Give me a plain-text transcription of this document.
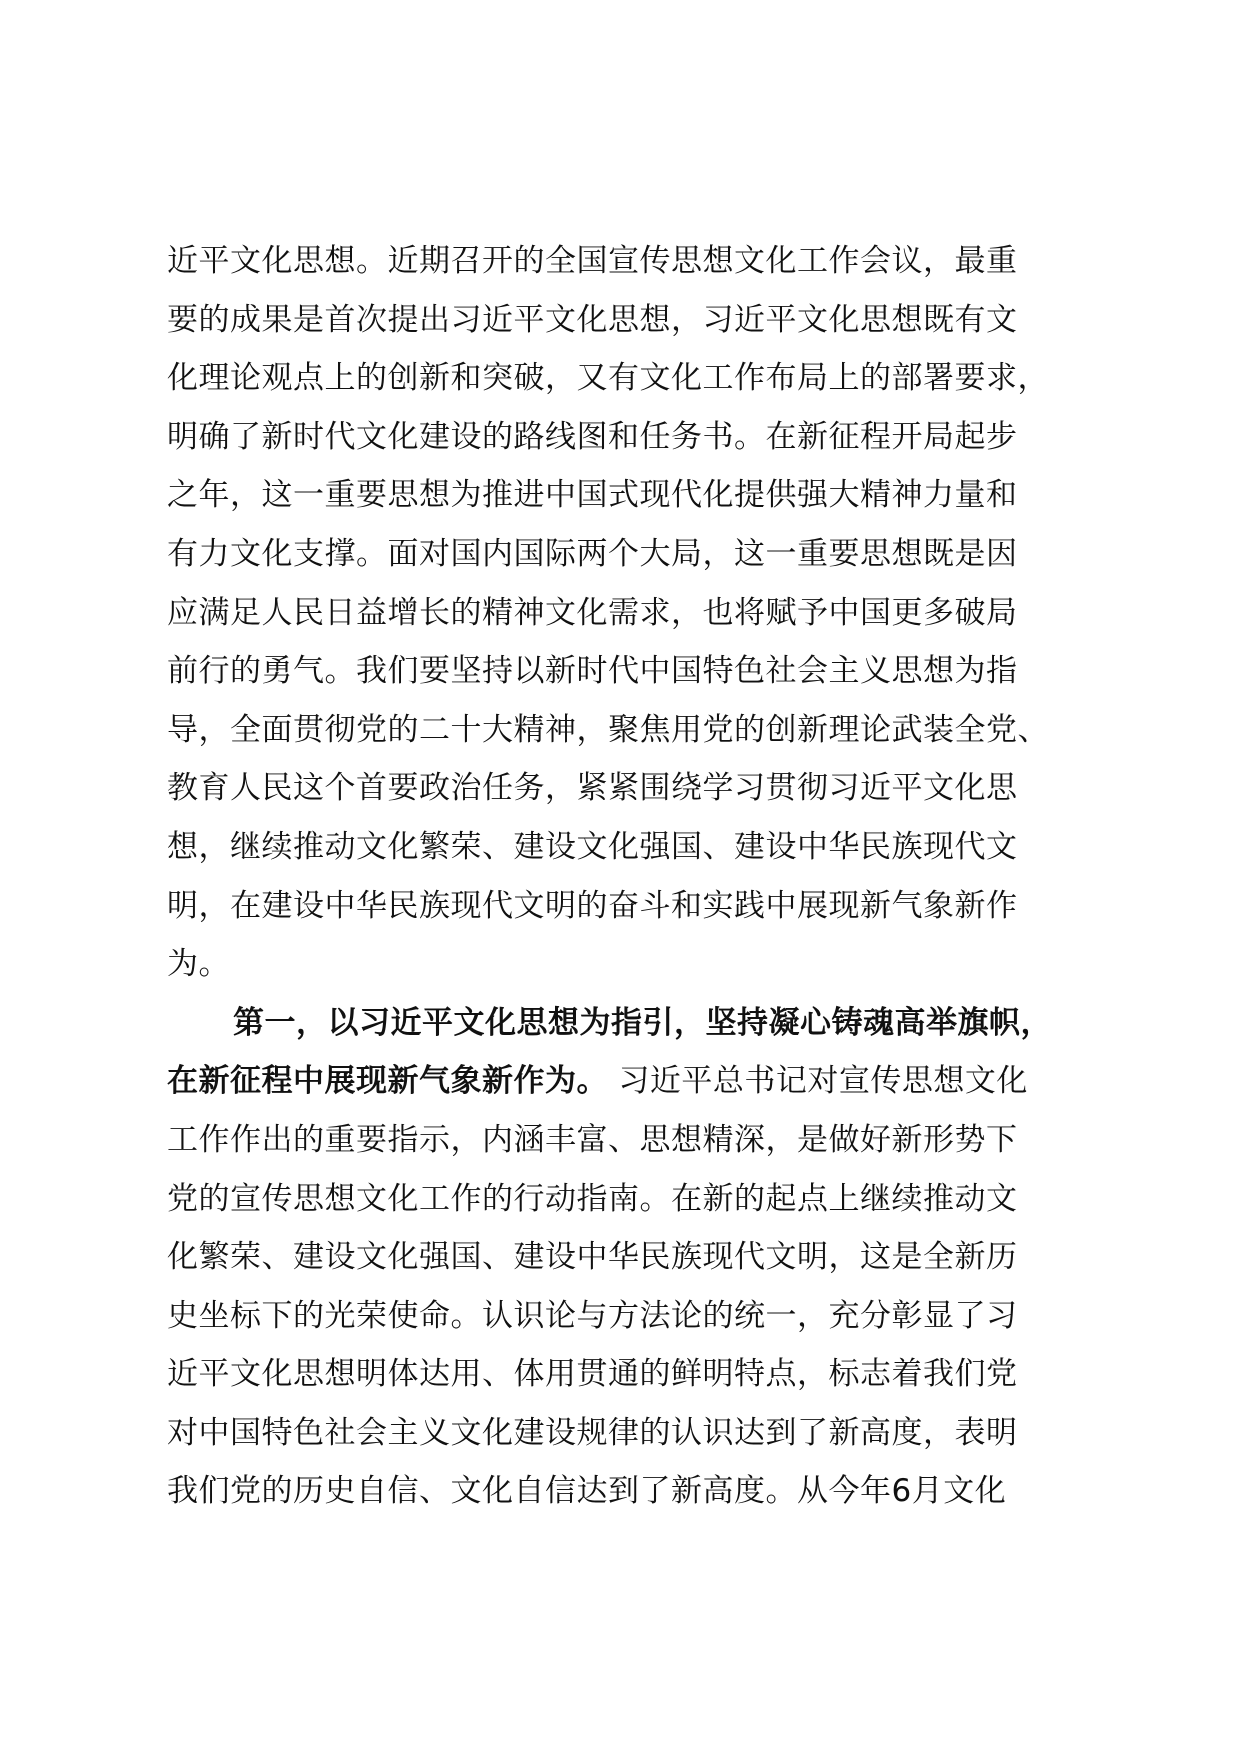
近平文化思想。近期召开的全国宣传思想文化工作会议，最重
要的成果是首次提出习近平文化思想，习近平文化思想既有文
化理论观点上的创新和突破，又有文化工作布局上的部署要求，
明确了新时代文化建设的路线图和任务书。在新征程开局起步
之年，这一重要思想为推进中国式现代化提供强大精神力量和
有力文化支撑。面对国内国际两个大局，这一重要思想既是因
应满足人民日益增长的精神文化需求，也将赋予中国更多破局
前行的勇气。我们要坚持以新时代中国特色社会主义思想为指
导，全面贯彻党的二十大精神，聚焦用党的创新理论武装全党、
教育人民这个首要政治任务，紧紧围绕学习贯彻习近平文化思
想，继续推动文化繁荣、建设文化强国、建设中华民族现代文
明，在建设中华民族现代文明的奋斗和实践中展现新气象新作
为。
第一，以习近平文化思想为指引，坚持凝心铸魂高举旗帜，
在新征程中展现新气象新作为。 习近平总书记对宣传思想文化
工作作出的重要指示，内涵丰富、思想精深，是做好新形势下
党的宣传思想文化工作的行动指南。在新的起点上继续推动文
化繁荣、建设文化强国、建设中华民族现代文明，这是全新历
史坐标下的光荣使命。认识论与方法论的统一，充分彰显了习
近平文化思想明体达用、体用贯通的鲜明特点，标志着我们党
对中国特色社会主义文化建设规律的认识达到了新高度，表明
我们党的历史自信、文化自信达到了新高度。从今年6月文化
